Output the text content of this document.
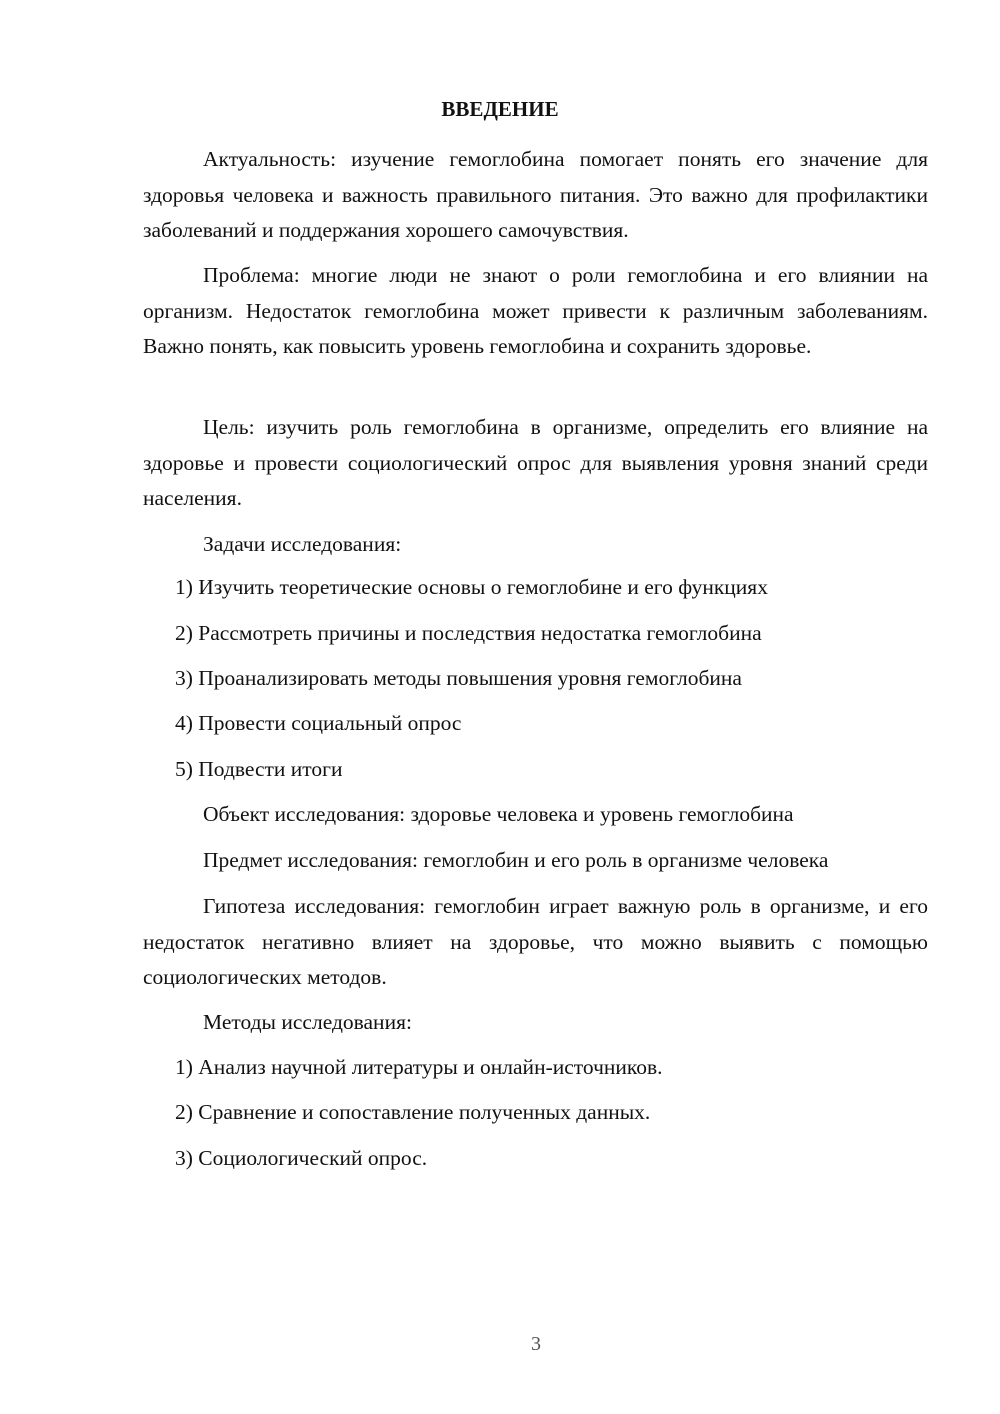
ВВЕДЕНИЕ

Актуальность: изучение гемоглобина помогает понять его значение для здоровья человека и важность правильного питания. Это важно для профилактики заболеваний и поддержания хорошего самочувствия.

Проблема: многие люди не знают о роли гемоглобина и его влиянии на организм. Недостаток гемоглобина может привести к различным заболеваниям. Важно понять, как повысить уровень гемоглобина и сохранить здоровье.

Цель: изучить роль гемоглобина в организме, определить его влияние на здоровье и провести социологический опрос для выявления уровня знаний среди населения.

Задачи исследования:

1) Изучить теоретические основы о гемоглобине и его функциях

2) Рассмотреть причины и последствия недостатка гемоглобина

3) Проанализировать методы повышения уровня гемоглобина

4) Провести социальный опрос

5) Подвести итоги

Объект исследования: здоровье человека и уровень гемоглобина

Предмет исследования: гемоглобин и его роль в организме человека

Гипотеза исследования: гемоглобин играет важную роль в организме, и его недостаток негативно влияет на здоровье, что можно выявить с помощью социологических методов.

Методы исследования:

1) Анализ научной литературы и онлайн-источников.

2) Сравнение и сопоставление полученных данных.

3) Социологический опрос.

3
